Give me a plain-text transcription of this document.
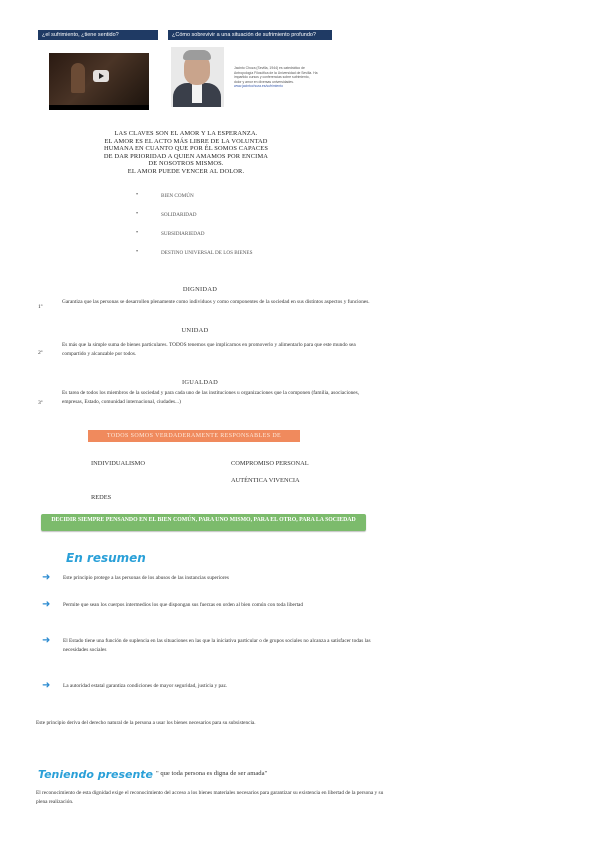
¿el sufrimiento, ¿tiene sentido?	¿Cómo sobrevivir a una situación de sufrimiento profundo?
Jacinto Choza (Sevilla, 1944) es catedrático de
Antropología Filosófica de la Universidad de Sevilla. Ha
impartido cursos y conferencias sobre sufrimiento,
dolor y amor en diversas universidades.
www.jacintochoza.es/sufrimiento
LAS CLAVES SON EL AMOR Y LA ESPERANZA.
EL AMOR ES EL ACTO MÁS LIBRE DE LA VOLUNTAD
HUMANA EN CUANTO QUE POR ÉL SOMOS CAPACES
DE DAR PRIORIDAD A QUIEN AMAMOS POR ENCIMA
DE NOSOTROS MISMOS.
EL AMOR PUEDE VENCER AL DOLOR.
•	BIEN COMÚN
•	SOLIDARIDAD
•	SUBSIDIARIEDAD
•	DESTINO UNIVERSAL DE LOS BIENES
DIGNIDAD
1º
Garantiza que las personas se desarrollen plenamente como individuos y como componentes de la sociedad en sus distintos aspectos y funciones.
UNIDAD
2º
Es más que la simple suma de bienes particulares. TODOS tenemos que implicarnos en promoverlo y alimentarlo para que este mundo sea compartido y alcanzable por todos.
IGUALDAD
3º
Es tarea de todos los miembros de la sociedad y para cada uno de las instituciones u organizaciones que la componen (familia, asociaciones, empresas, Estado, comunidad internacional, ciudades...)
TODOS SOMOS VERDADERAMENTE RESPONSABLES DE
INDIVIDUALISMO	COMPROMISO PERSONAL
AUTÉNTICA VIVENCIA
REDES
DECIDIR SIEMPRE PENSANDO EN EL BIEN COMÚN, PARA UNO MISMO, PARA EL OTRO, PARA LA SOCIEDAD
En resumen
➜ Este principio protege a las personas de los abusos de las instancias superiores
➜ Permite que sean los cuerpos intermedios los que dispongan sus fuerzas en orden al bien común con toda libertad
➜ El Estado tiene una función de suplencia en las situaciones en las que la iniciativa particular o de grupos sociales no alcanza a satisfacer todas las necesidades sociales
➜ La autoridad estatal garantiza condiciones de mayor seguridad, justicia y paz.
Este principio deriva del derecho natural de la persona a usar los bienes necesarios para su subsistencia.
Teniendo presente " que toda persona es digna de ser amada"
El reconocimiento de esta dignidad exige el reconocimiento del acceso a los bienes materiales necesarios para garantizar su existencia en libertad de la persona y su plena realización.
